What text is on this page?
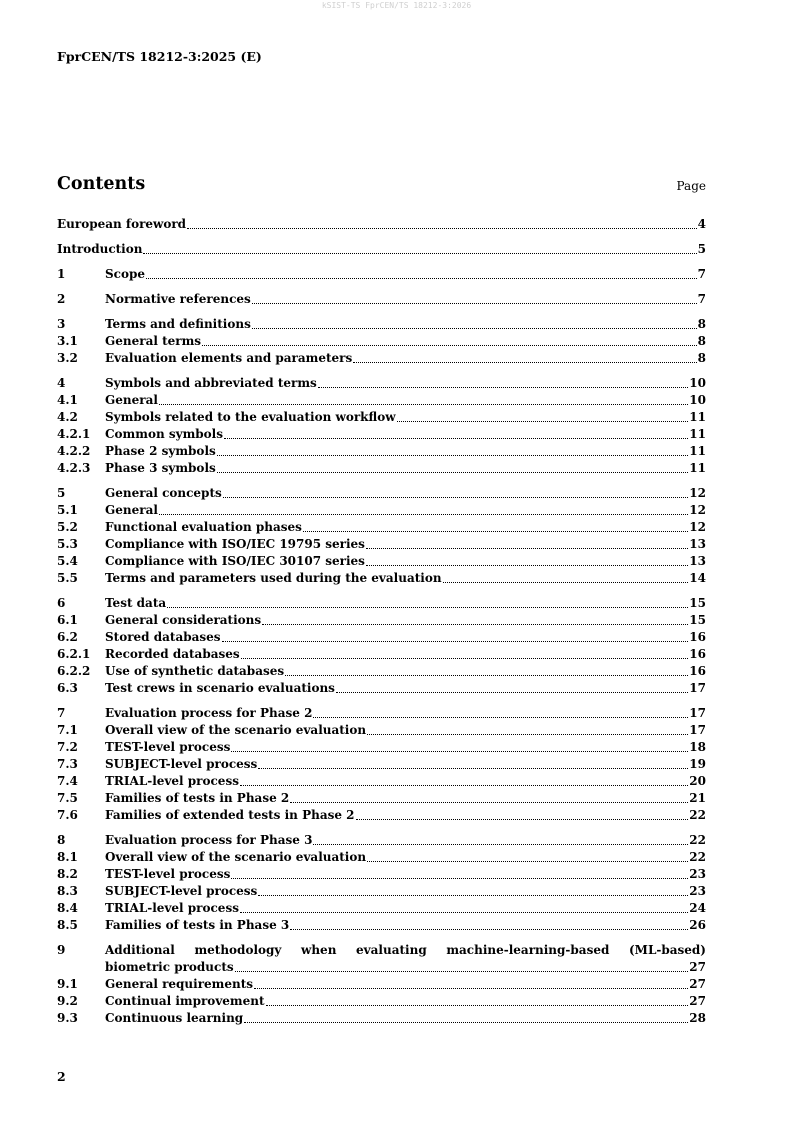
kSIST-TS FprCEN/TS 18212-3:2026
FprCEN/TS 18212-3:2025 (E)
Contents	Page
European foreword	4
Introduction	5
1	Scope	7
2	Normative references	7
3	Terms and definitions	8
3.1	General terms	8
3.2	Evaluation elements and parameters	8
4	Symbols and abbreviated terms	10
4.1	General	10
4.2	Symbols related to the evaluation workflow	11
4.2.1	Common symbols	11
4.2.2	Phase 2 symbols	11
4.2.3	Phase 3 symbols	11
5	General concepts	12
5.1	General	12
5.2	Functional evaluation phases	12
5.3	Compliance with ISO/IEC 19795 series	13
5.4	Compliance with ISO/IEC 30107 series	13
5.5	Terms and parameters used during the evaluation	14
6	Test data	15
6.1	General considerations	15
6.2	Stored databases	16
6.2.1	Recorded databases	16
6.2.2	Use of synthetic databases	16
6.3	Test crews in scenario evaluations	17
7	Evaluation process for Phase 2	17
7.1	Overall view of the scenario evaluation	17
7.2	TEST-level process	18
7.3	SUBJECT-level process	19
7.4	TRIAL-level process	20
7.5	Families of tests in Phase 2	21
7.6	Families of extended tests in Phase 2	22
8	Evaluation process for Phase 3	22
8.1	Overall view of the scenario evaluation	22
8.2	TEST-level process	23
8.3	SUBJECT-level process	23
8.4	TRIAL-level process	24
8.5	Families of tests in Phase 3	26
9	Additional methodology when evaluating machine-learning-based (ML-based)
biometric products	27
9.1	General requirements	27
9.2	Continual improvement	27
9.3	Continuous learning	28
2
